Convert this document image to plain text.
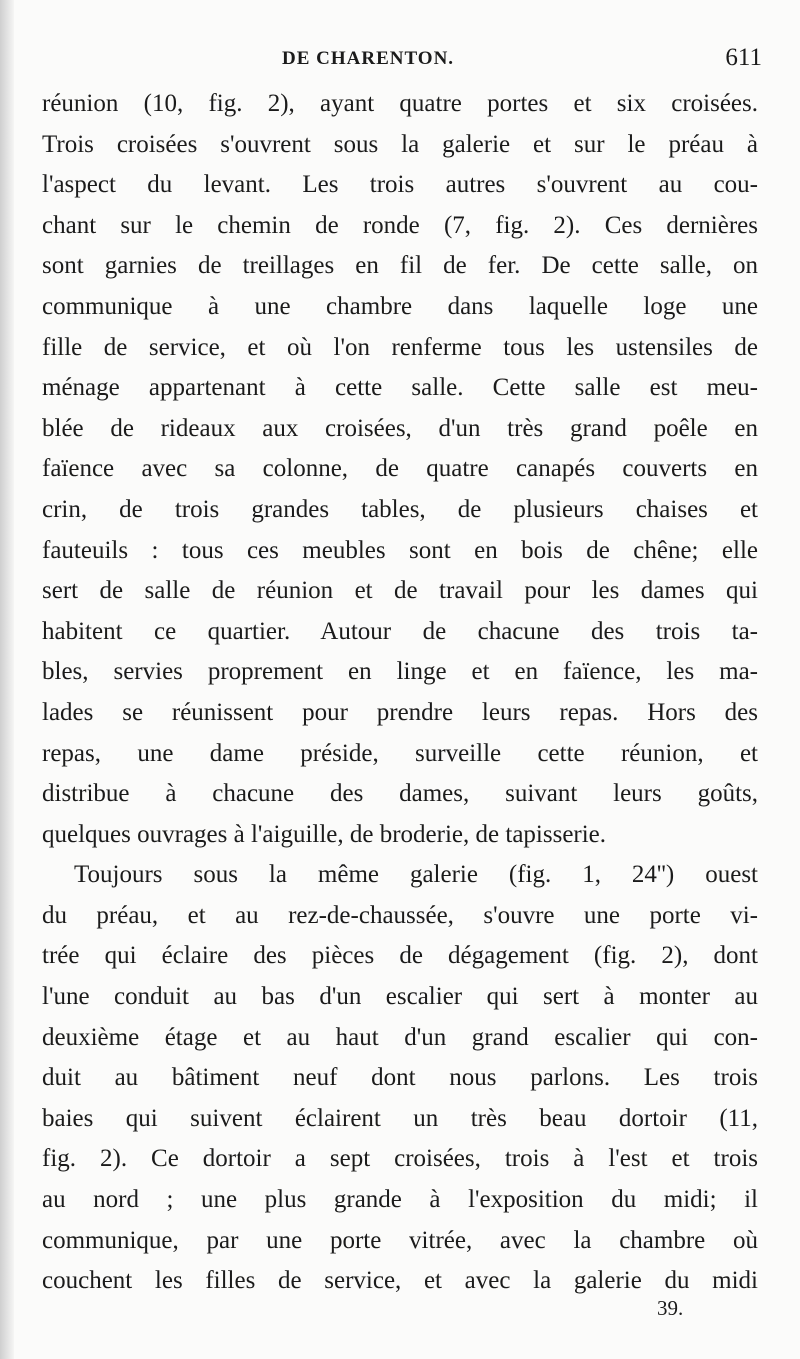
DE CHARENTON.	611
réunion (10, fig. 2), ayant quatre portes et six croisées.
Trois croisées s'ouvrent sous la galerie et sur le préau à
l'aspect du levant. Les trois autres s'ouvrent au cou-
chant sur le chemin de ronde (7, fig. 2). Ces dernières
sont garnies de treillages en fil de fer. De cette salle, on
communique à une chambre dans laquelle loge une
fille de service, et où l'on renferme tous les ustensiles de
ménage appartenant à cette salle. Cette salle est meu-
blée de rideaux aux croisées, d'un très grand poêle en
faïence avec sa colonne, de quatre canapés couverts en
crin, de trois grandes tables, de plusieurs chaises et
fauteuils : tous ces meubles sont en bois de chêne; elle
sert de salle de réunion et de travail pour les dames qui
habitent ce quartier. Autour de chacune des trois ta-
bles, servies proprement en linge et en faïence, les ma-
lades se réunissent pour prendre leurs repas. Hors des
repas, une dame préside, surveille cette réunion, et
distribue à chacune des dames, suivant leurs goûts,
quelques ouvrages à l'aiguille, de broderie, de tapisserie.
Toujours sous la même galerie (fig. 1, 24'') ouest
du préau, et au rez-de-chaussée, s'ouvre une porte vi-
trée qui éclaire des pièces de dégagement (fig. 2), dont
l'une conduit au bas d'un escalier qui sert à monter au
deuxième étage et au haut d'un grand escalier qui con-
duit au bâtiment neuf dont nous parlons. Les trois
baies qui suivent éclairent un très beau dortoir (11,
fig. 2). Ce dortoir a sept croisées, trois à l'est et trois
au nord ; une plus grande à l'exposition du midi; il
communique, par une porte vitrée, avec la chambre où
couchent les filles de service, et avec la galerie du midi
39.
